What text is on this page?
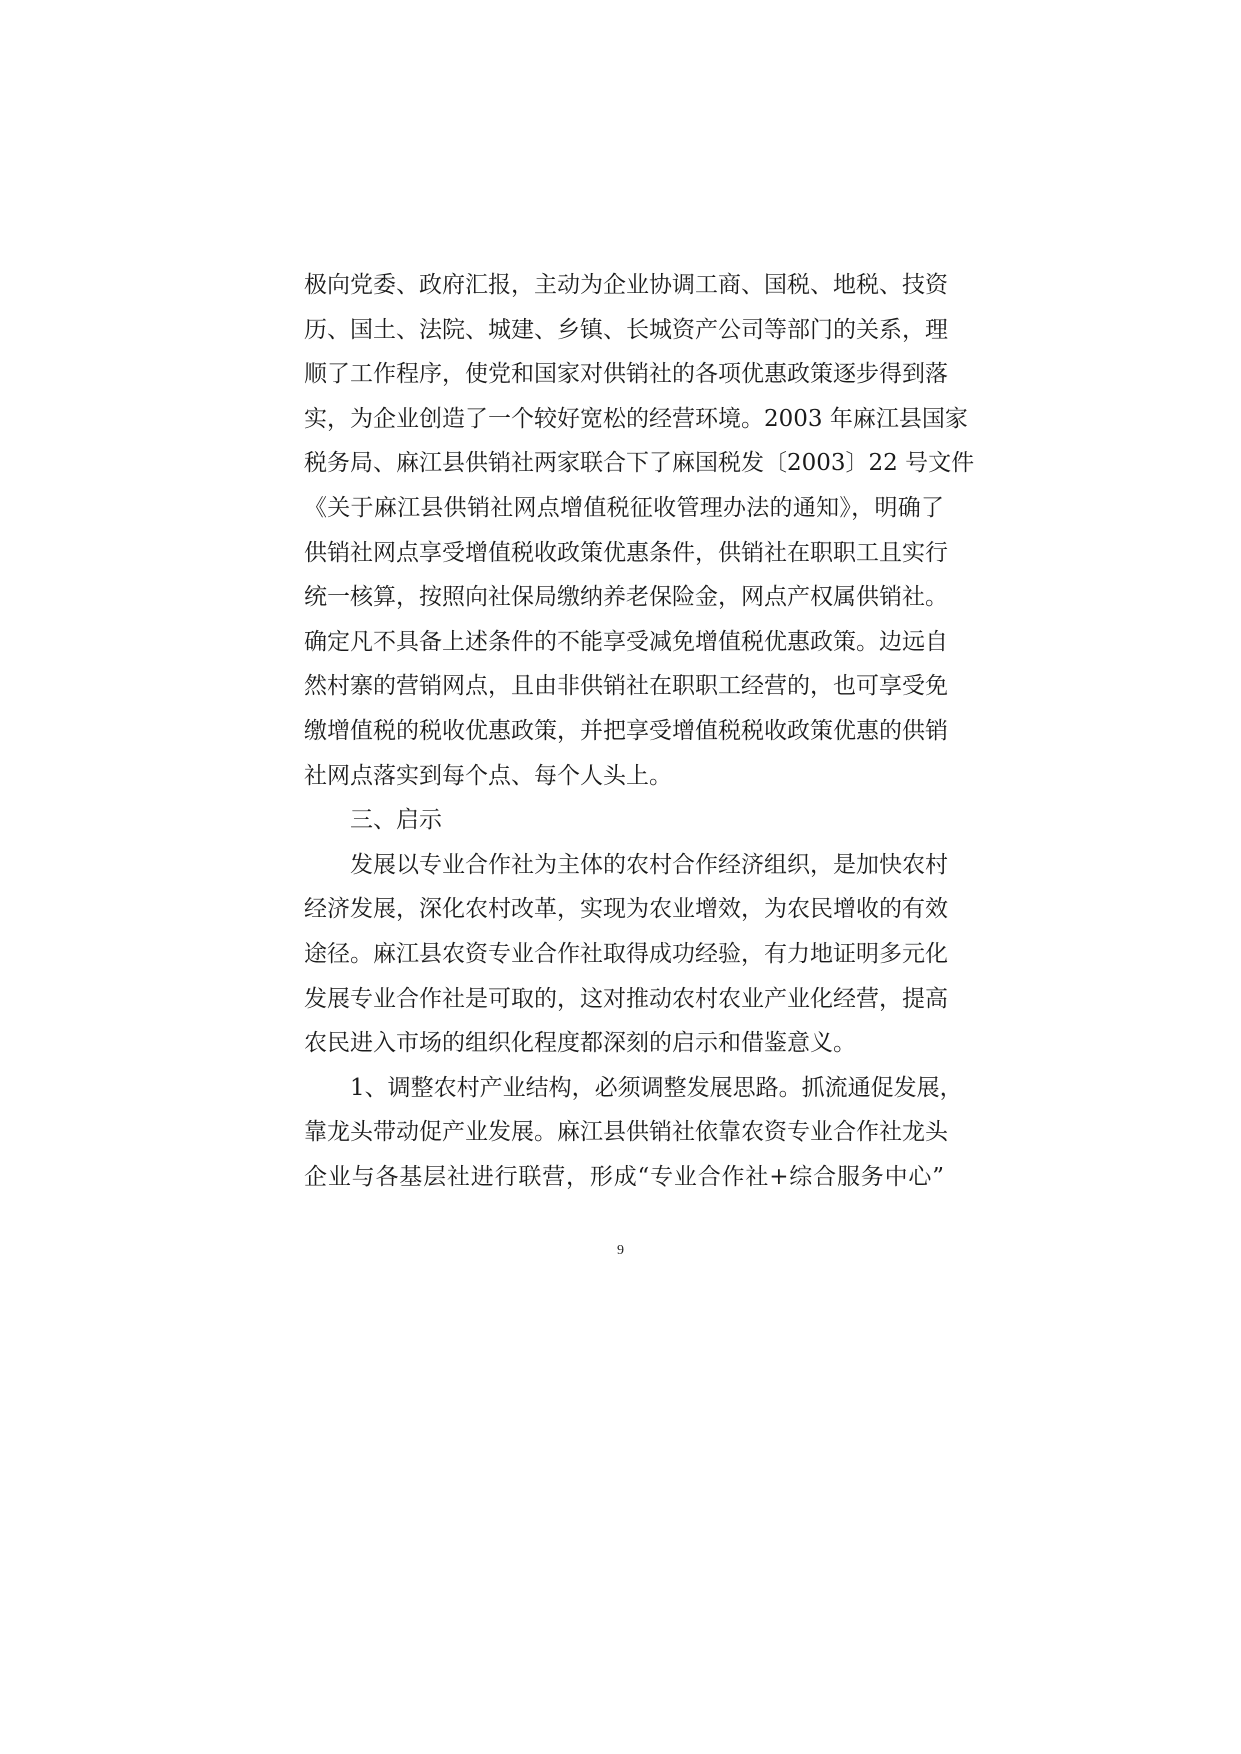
极向党委、政府汇报，主动为企业协调工商、国税、地税、技资
历、国土、法院、城建、乡镇、长城资产公司等部门的关系，理
顺了工作程序，使党和国家对供销社的各项优惠政策逐步得到落
实，为企业创造了一个较好宽松的经营环境。2003 年麻江县国家
税务局、麻江县供销社两家联合下了麻国税发〔2003〕22 号文件
《关于麻江县供销社网点增值税征收管理办法的通知》，明确了
供销社网点享受增值税收政策优惠条件，供销社在职职工且实行
统一核算，按照向社保局缴纳养老保险金，网点产权属供销社。
确定凡不具备上述条件的不能享受减免增值税优惠政策。边远自
然村寨的营销网点，且由非供销社在职职工经营的，也可享受免
缴增值税的税收优惠政策，并把享受增值税税收政策优惠的供销
社网点落实到每个点、每个人头上。
三、启示
发展以专业合作社为主体的农村合作经济组织，是加快农村
经济发展，深化农村改革，实现为农业增效，为农民增收的有效
途径。麻江县农资专业合作社取得成功经验，有力地证明多元化
发展专业合作社是可取的，这对推动农村农业产业化经营，提高
农民进入市场的组织化程度都深刻的启示和借鉴意义。
1、调整农村产业结构，必须调整发展思路。抓流通促发展，
靠龙头带动促产业发展。麻江县供销社依靠农资专业合作社龙头
企业与各基层社进行联营，形成“专业合作社+综合服务中心”
9
